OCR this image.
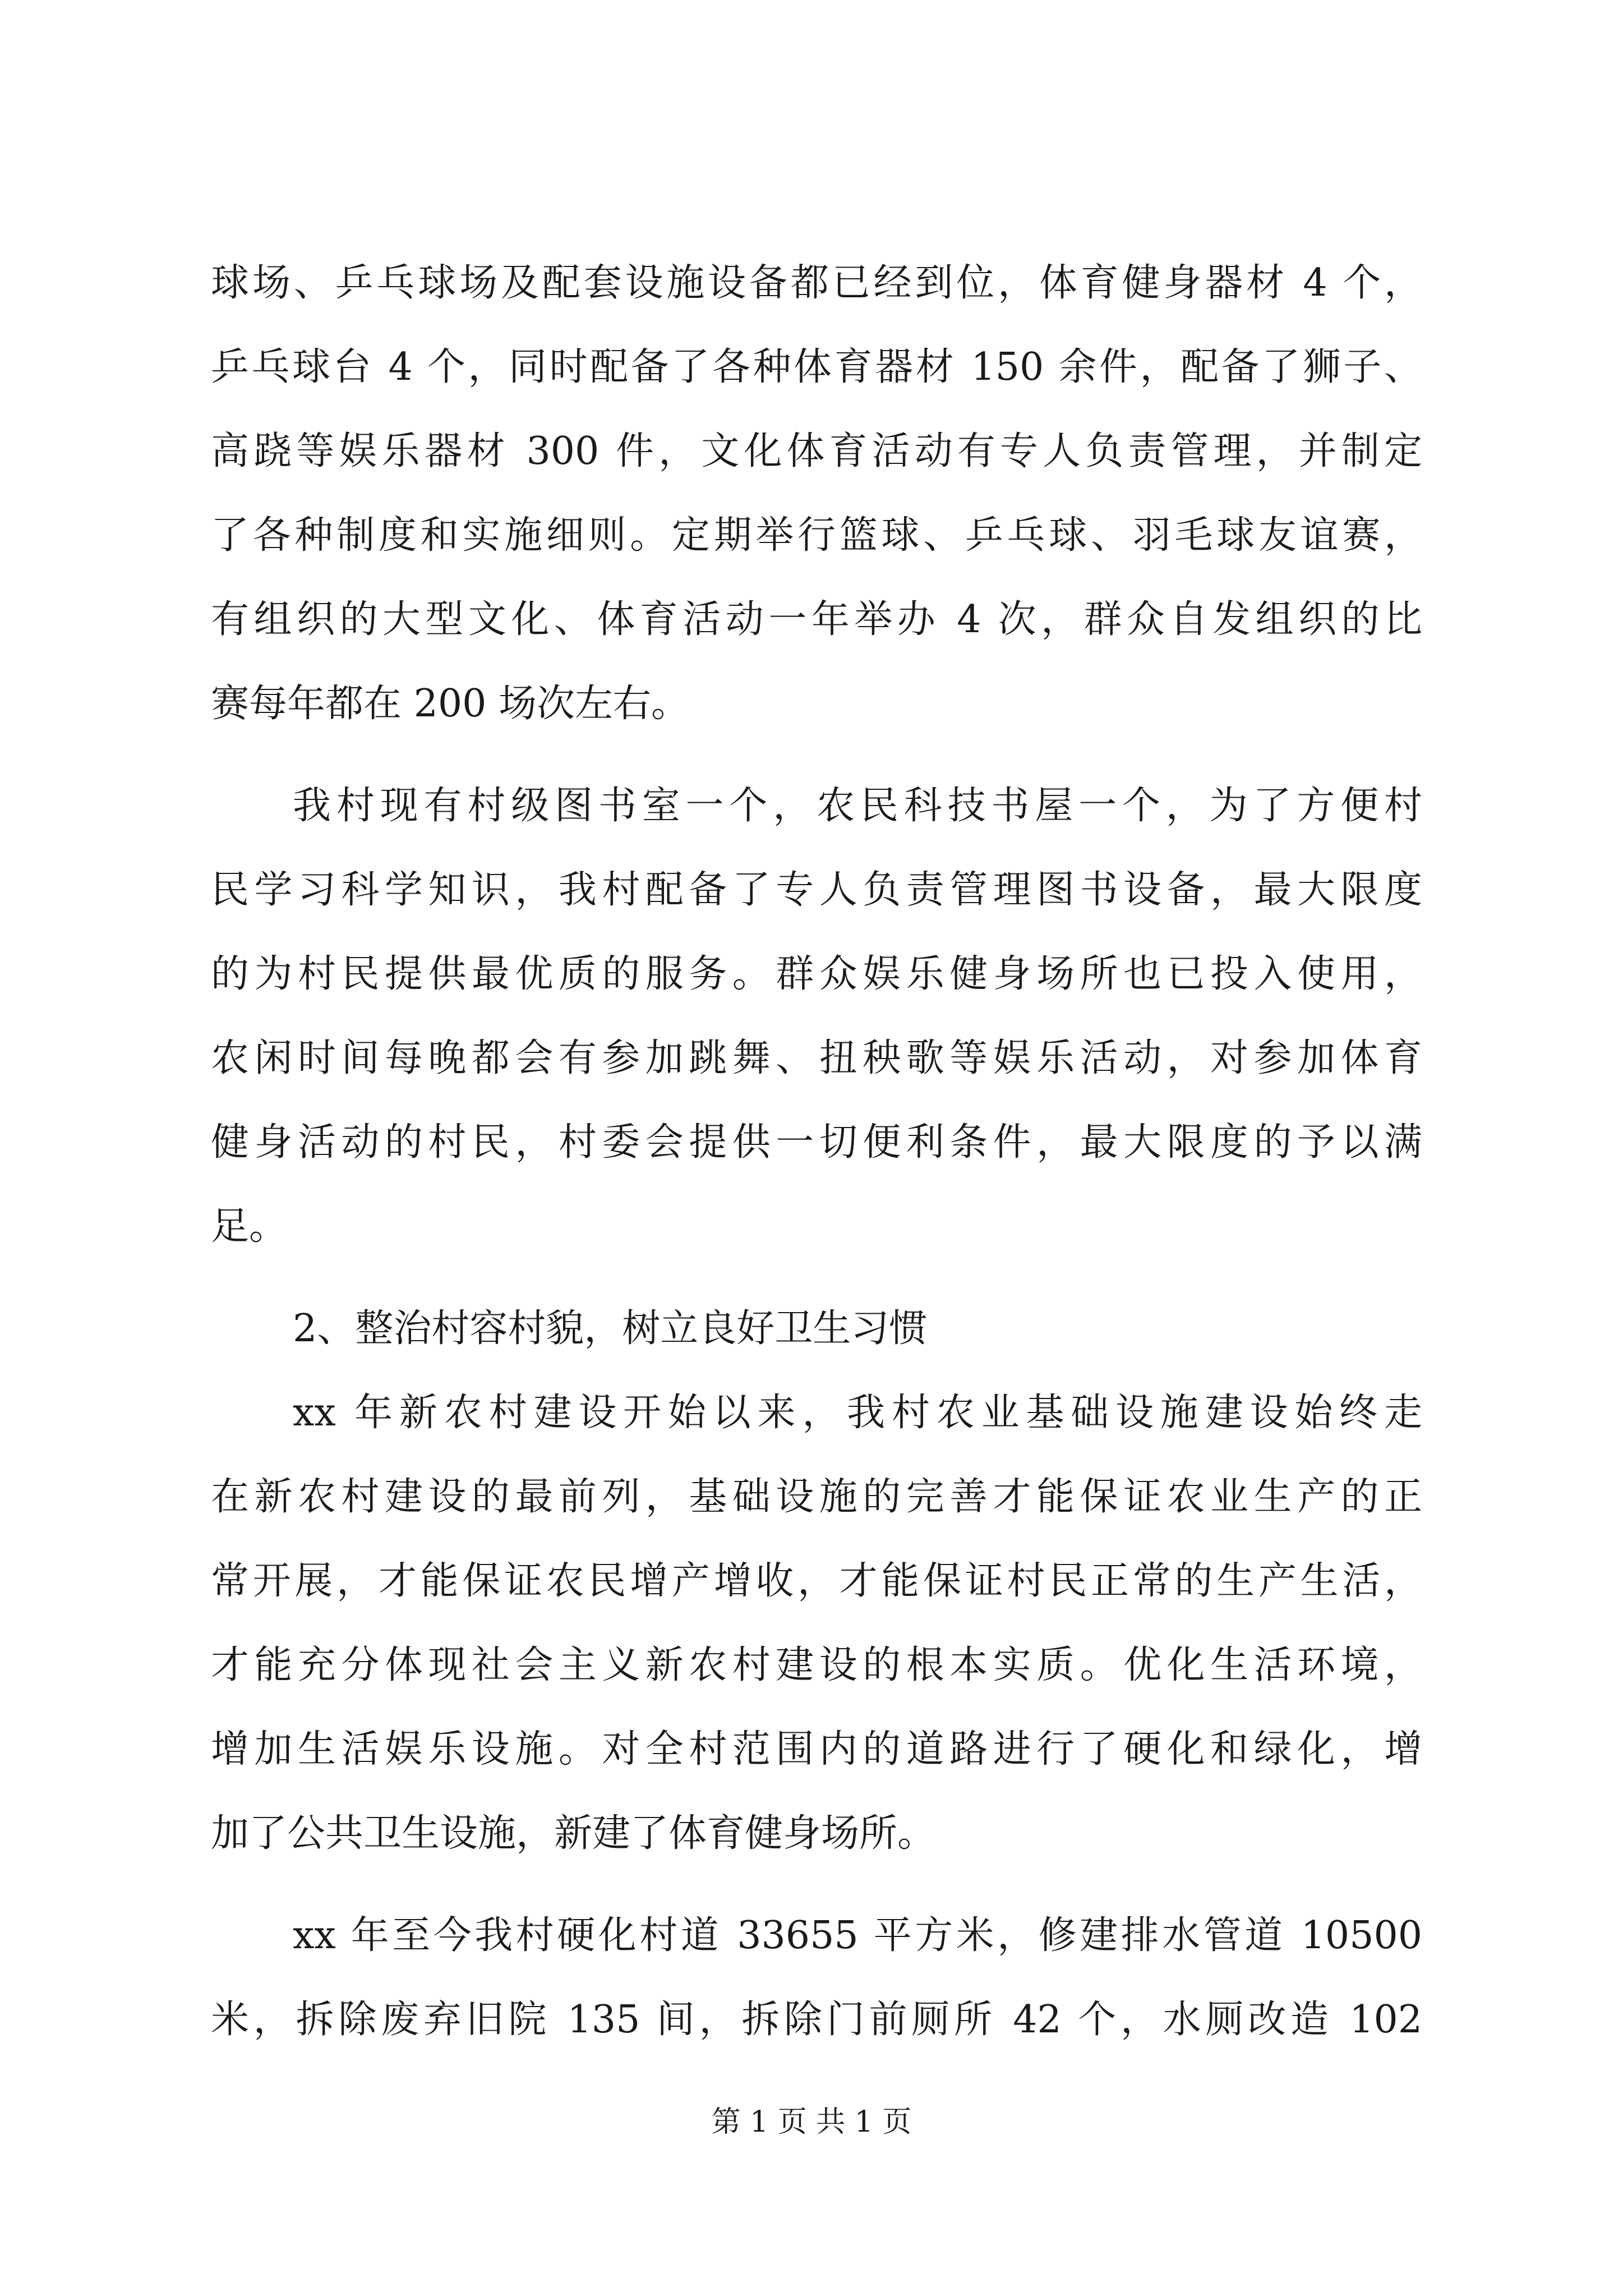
球场、乒乓球场及配套设施设备都已经到位，体育健身器材 4 个，
乒乓球台 4 个，同时配备了各种体育器材 150 余件，配备了狮子、
高跷等娱乐器材 300 件，文化体育活动有专人负责管理，并制定
了各种制度和实施细则。定期举行篮球、乒乓球、羽毛球友谊赛，
有组织的大型文化、体育活动一年举办 4 次，群众自发组织的比
赛每年都在 200 场次左右。
我村现有村级图书室一个，农民科技书屋一个，为了方便村
民学习科学知识，我村配备了专人负责管理图书设备，最大限度
的为村民提供最优质的服务。群众娱乐健身场所也已投入使用，
农闲时间每晚都会有参加跳舞、扭秧歌等娱乐活动，对参加体育
健身活动的村民，村委会提供一切便利条件，最大限度的予以满
足。
2、整治村容村貌，树立良好卫生习惯
xx 年新农村建设开始以来，我村农业基础设施建设始终走
在新农村建设的最前列，基础设施的完善才能保证农业生产的正
常开展，才能保证农民增产增收，才能保证村民正常的生产生活，
才能充分体现社会主义新农村建设的根本实质。优化生活环境，
增加生活娱乐设施。对全村范围内的道路进行了硬化和绿化，增
加了公共卫生设施，新建了体育健身场所。
xx 年至今我村硬化村道 33655 平方米，修建排水管道 10500
米，拆除废弃旧院 135 间，拆除门前厕所 42 个，水厕改造 102
第 1 页 共 1 页
